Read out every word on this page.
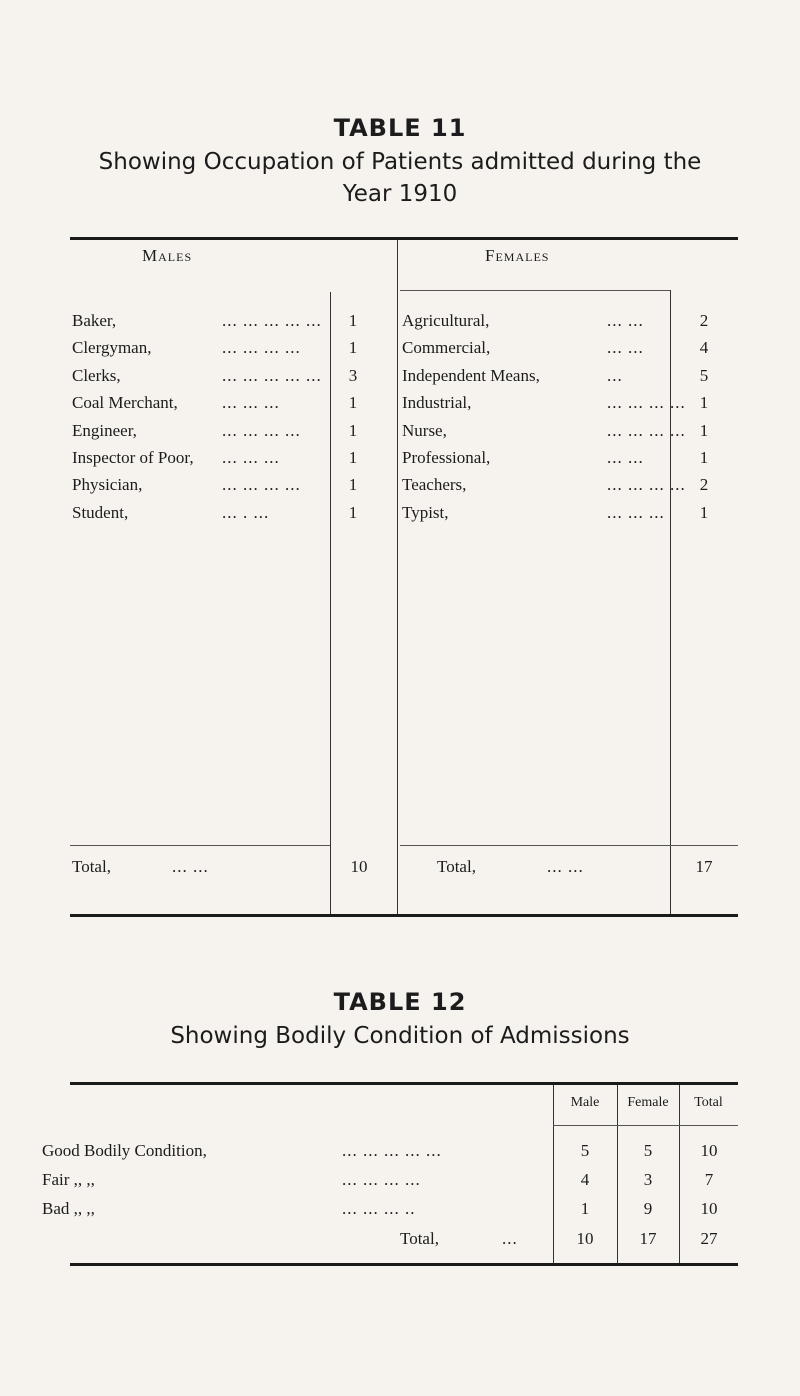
TABLE 11
Showing Occupation of Patients admitted during the
Year 1910
Males	Females
Baker,	... ... ... ... ...	1
Clergyman,	... ... ... ...	1
Clerks,	... ... ... ... ...	3
Coal Merchant,	... ... ...	1
Engineer,	... ... ... ...	1
Inspector of Poor, ... ... ...	1
Physician,	... ... ... ...	1
Student,	... . ...	1
Agricultural,	... ...	2
Commercial,	... ...	4
Independent Means,	...	5
Industrial,	... ... ... ... 1
Nurse,	... ... ... ... 1
Professional,	... ...	1
Teachers,	... ... ... ... 2
Typist,	... ... ...	1
Total,	... ...	10	Total,	... ...	17
TABLE 12
Showing Bodily Condition of Admissions
Male	Female	Total
Good Bodily Condition,	... ... ... ... ...	5	5	10
Fair ,, ,,	... ... ... ...	4	3	7
Bad ,, ,,	... ... ... ..	1	9	10
Total,	...	10	17	27
